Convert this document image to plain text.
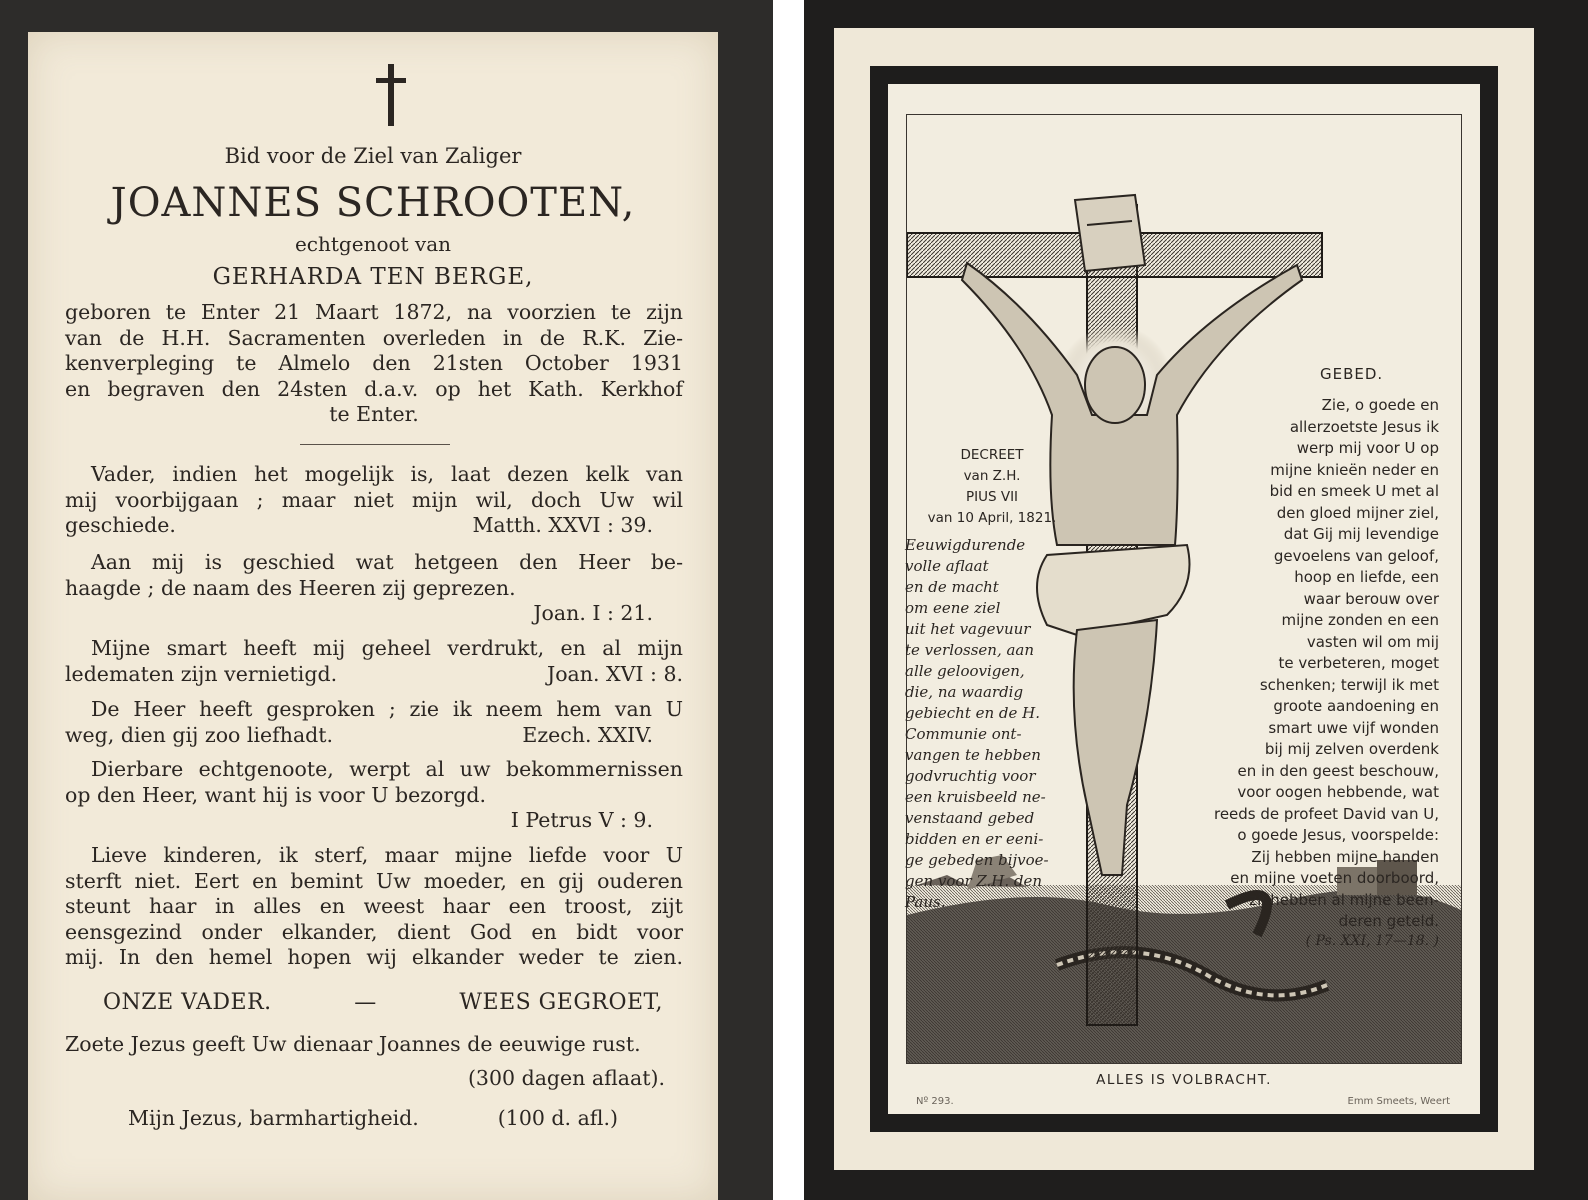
Bid voor de Ziel van Zaliger
JOANNES SCHROOTEN,
echtgenoot van
GERHARDA TEN BERGE,
geboren te Enter 21 Maart 1872, na voorzien te zijn
van de H.H. Sacramenten overleden in de R.K. Zie-
kenverpleging te Almelo den 21sten October 1931
en begraven den 24sten d.a.v. op het Kath. Kerkhof
te Enter.
Vader, indien het mogelijk is, laat dezen kelk van
mij voorbijgaan ; maar niet mijn wil, doch Uw wil
geschiede.	Matth. XXVI : 39.
Aan mij is geschied wat hetgeen den Heer be-
haagde ; de naam des Heeren zij geprezen.
Joan. I : 21.
Mijne smart heeft mij geheel verdrukt, en al mijn
ledematen zijn vernietigd.	Joan. XVI : 8.
De Heer heeft gesproken ; zie ik neem hem van U
weg, dien gij zoo liefhadt.	Ezech. XXIV.
Dierbare echtgenoote, werpt al uw bekommernissen
op den Heer, want hij is voor U bezorgd.
I Petrus V : 9.
Lieve kinderen, ik sterf, maar mijne liefde voor U
sterft niet. Eert en bemint Uw moeder, en gij ouderen
steunt haar in alles en weest haar een troost, zijt
eensgezind onder elkander, dient God en bidt voor
mij. In den hemel hopen wij elkander weder te zien.
ONZE VADER.	—	WEES GEGROET,
Zoete Jezus geeft Uw dienaar Joannes de eeuwige rust.
(300 dagen aflaat).
Mijn Jezus, barmhartigheid.	(100 d. afl.)
GEBED.
Zie, o goede en
allerzoetste Jesus ik
werp mij voor U op
mijne knieën neder en
bid en smeek U met al
den gloed mijner ziel,
dat Gij mij levendige
gevoelens van geloof,
hoop en liefde, een
waar berouw over
mijne zonden en een
vasten wil om mij
te verbeteren, moget
schenken; terwijl ik met
groote aandoening en
smart uwe vijf wonden
bij mij zelven overdenk
en in den geest beschouw,
voor oogen hebbende, wat
reeds de profeet David van U,
o goede Jesus, voorspelde:
Zij hebben mijne handen
en mijne voeten doorboord,
zij hebben al mijne been-
deren geteld.
( Ps. XXI, 17—18. )
DECREET
van Z.H.
PIUS VII
van 10 April, 1821.
Eeuwigdurende
volle aflaat
en de macht
om eene ziel
uit het vagevuur
te verlossen, aan
alle geloovigen,
die, na waardig
gebiecht en de H.
Communie ont-
vangen te hebben
godvruchtig voor
een kruisbeeld ne-
venstaand gebed
bidden en er eeni-
ge gebeden bijvoe-
gen voor Z.H. den
Paus.
ALLES IS VOLBRACHT.
Nº 293.	Emm Smeets, Weert
